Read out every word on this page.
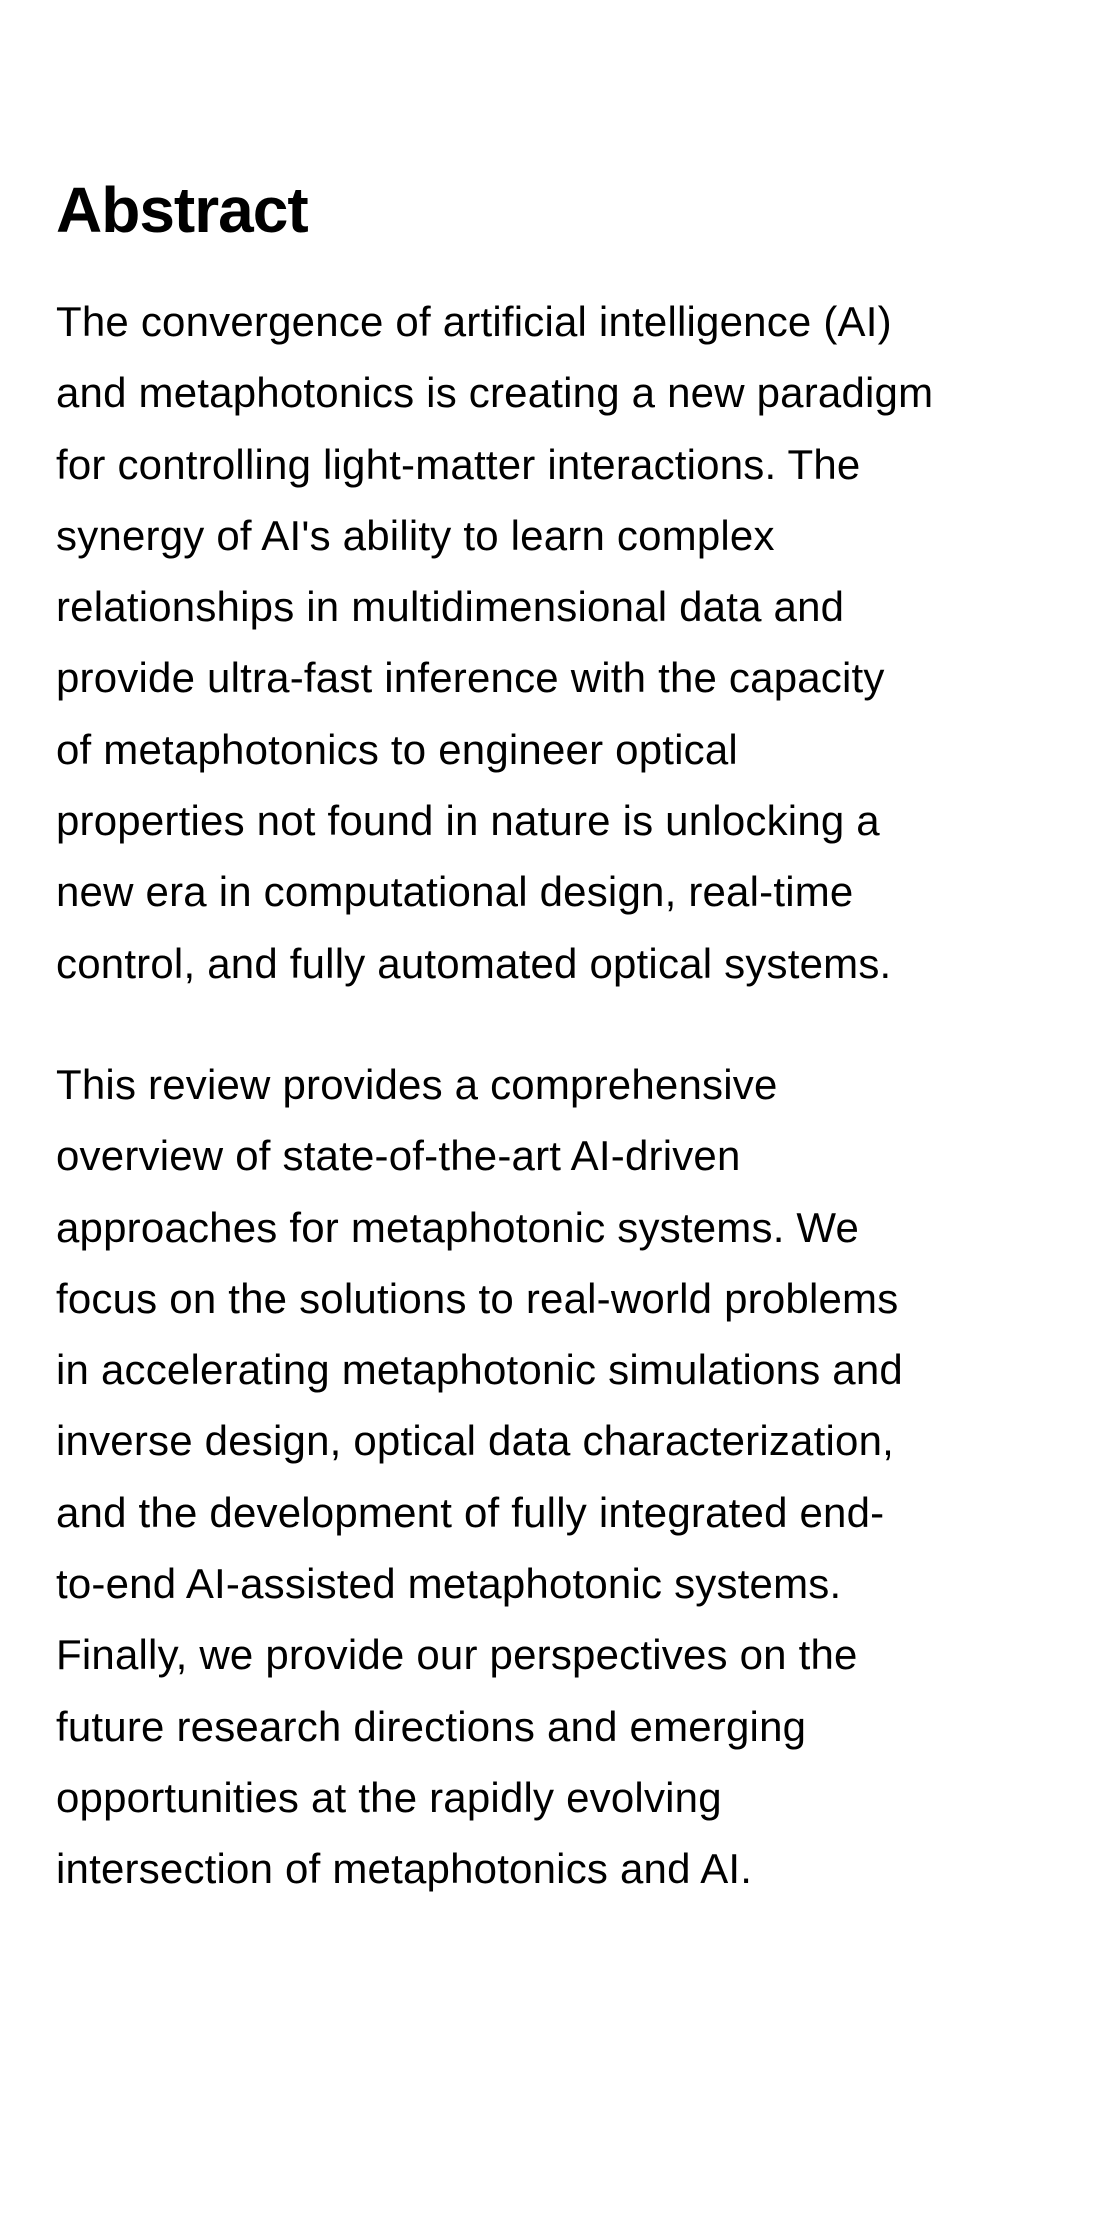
Abstract

The convergence of artificial intelligence (AI)
and metaphotonics is creating a new paradigm
for controlling light-matter interactions. The
synergy of AI's ability to learn complex
relationships in multidimensional data and
provide ultra-fast inference with the capacity
of metaphotonics to engineer optical
properties not found in nature is unlocking a
new era in computational design, real-time
control, and fully automated optical systems.

This review provides a comprehensive
overview of state-of-the-art AI-driven
approaches for metaphotonic systems. We
focus on the solutions to real-world problems
in accelerating metaphotonic simulations and
inverse design, optical data characterization,
and the development of fully integrated end-
to-end AI-assisted metaphotonic systems.
Finally, we provide our perspectives on the
future research directions and emerging
opportunities at the rapidly evolving
intersection of metaphotonics and AI.
